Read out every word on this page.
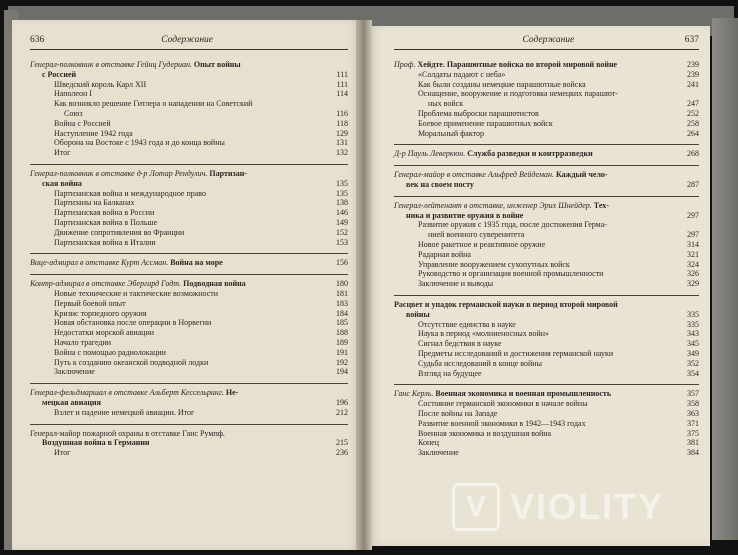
636	Содержание	Содержание	637
Генерал-полковник в отставке Гейнц Гудериан. Опыт войны
с Россией	111
Шведский король Карл XII	111
Наполеон I	114
Как возникло решение Гитлера о нападении на Советский
Союз	116
Война с Россией	118
Наступление 1942 года	129
Оборона на Востоке с 1943 года и до конца войны	131
Итог	132
Генерал-полковник в отставке д-р Лотар Рендулич. Партизан-
ская война	135
Партизанская война и международное право	135
Партизаны на Балканах	138
Партизанская война в России	146
Партизанская война в Польше	149
Движение сопротивления во Франции	152
Партизанская война в Италии	153
Вице-адмирал в отставке Курт Ассман. Война на море	156
Контр-адмирал в отставке Эбергард Годт. Подводная война	180
Новые технические и тактические возможности	181
Первый боевой опыт	183
Кризис торпедного оружия	184
Новая обстановка после операции в Норвегии	185
Недостатки морской авиации	188
Начало трагедии	189
Война с помощью радиолокации	191
Путь к созданию океанской подводной лодки	192
Заключение	194
Генерал-фельдмаршал в отставке Альберт Кессельринг. Не-
мецкая авиация	196
Взлет и падение немецкой авиации. Итог	212
Генерал-майор пожарной охраны в отставке Ганс Румпф.
Воздушная война в Германии	215
Итог	236
Проф. Хейдте. Парашютные войска во второй мировой войне	239
«Солдаты падают с неба»	239
Как были созданы немецкие парашютные войска	241
Оснащение, вооружение и подготовка немецких парашют-
ных войск	247
Проблема выброски парашютистов	252
Боевое применение парашютных войск	258
Моральный фактор	264
Д-р Пауль Леверкюн. Служба разведки и контрразведки	268
Генерал-майор в отставке Альфред Вейдеман. Каждый чело-
век на своем посту	287
Генерал-лейтенант в отставке, инженер Эрих Шнейдер. Тех-
ника и развитие оружия в войне	297
Развитие оружия с 1935 года, после достижения Герма-
нией военного суверенитета	297
Новое ракетное и реактивное оружие	314
Радарная война	321
Управление вооружением сухопутных войск	324
Руководство и организация военной промышленности	326
Заключение и выводы	329
Расцвет и упадок германской науки в период второй мировой
войны	335
Отсутствие единства в науке	335
Наука в период «молниеносных войн»	343
Сигнал бедствия в науке	345
Предметы исследований и достижения германской науки	349
Судьба исследований в конце войны	352
Взгляд на будущее	354
Ганс Керль. Военная экономика и военная промышленность	357
Состояние германской экономики в начале войны	358
После войны на Западе	363
Развитие военной экономики в 1942—1943 годах	371
Военная экономика и воздушная война	375
Конец	381
Заключение	384
V VIOLITY
